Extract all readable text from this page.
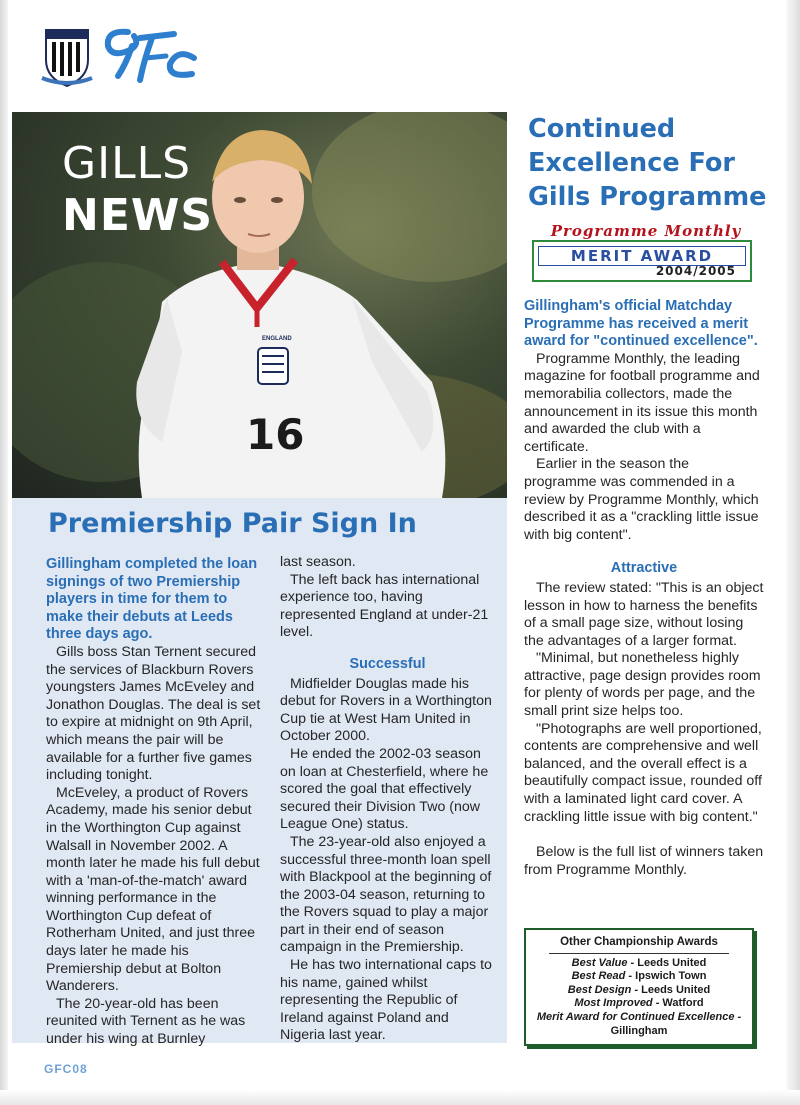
GILLS
NEWS
16
ENGLAND
Premiership Pair Sign In

Gillingham completed the loan signings of two Premiership players in time for them to make their debuts at Leeds three days ago.

Gills boss Stan Ternent secured the services of Blackburn Rovers youngsters James McEveley and Jonathon Douglas. The deal is set to expire at midnight on 9th April, which means the pair will be available for a further five games including tonight.

McEveley, a product of Rovers Academy, made his senior debut in the Worthington Cup against Walsall in November 2002. A month later he made his full debut with a 'man-of-the-match' award winning performance in the Worthington Cup defeat of Rotherham United, and just three days later he made his Premiership debut at Bolton Wanderers.

The 20-year-old has been reunited with Ternent as he was under his wing at Burnley

last season.

The left back has international experience too, having represented England at under-21 level.

Successful

Midfielder Douglas made his debut for Rovers in a Worthington Cup tie at West Ham United in October 2000.

He ended the 2002-03 season on loan at Chesterfield, where he scored the goal that effectively secured their Division Two (now League One) status.

The 23-year-old also enjoyed a successful three-month loan spell with Blackpool at the beginning of the 2003-04 season, returning to the Rovers squad to play a major part in their end of season campaign in the Premiership.

He has two international caps to his name, gained whilst representing the Republic of Ireland against Poland and Nigeria last year.

Continued Excellence For Gills Programme
Programme Monthly
MERIT AWARD
2004/2005

Gillingham's official Matchday Programme has received a merit award for "continued excellence".

Programme Monthly, the leading magazine for football programme and memorabilia collectors, made the announcement in its issue this month and awarded the club with a certificate.

Earlier in the season the programme was commended in a review by Programme Monthly, which described it as a "crackling little issue with big content".

Attractive

The review stated: "This is an object lesson in how to harness the benefits of a small page size, without losing the advantages of a larger format.

"Minimal, but nonetheless highly attractive, page design provides room for plenty of words per page, and the small print size helps too.

"Photographs are well proportioned, contents are comprehensive and well balanced, and the overall effect is a beautifully compact issue, rounded off with a laminated light card cover. A crackling little issue with big content."

Below is the full list of winners taken from Programme Monthly.

Other Championship Awards
Best Value - Leeds United
Best Read - Ipswich Town
Best Design - Leeds United
Most Improved - Watford
Merit Award for Continued Excellence -
Gillingham
GFC08
